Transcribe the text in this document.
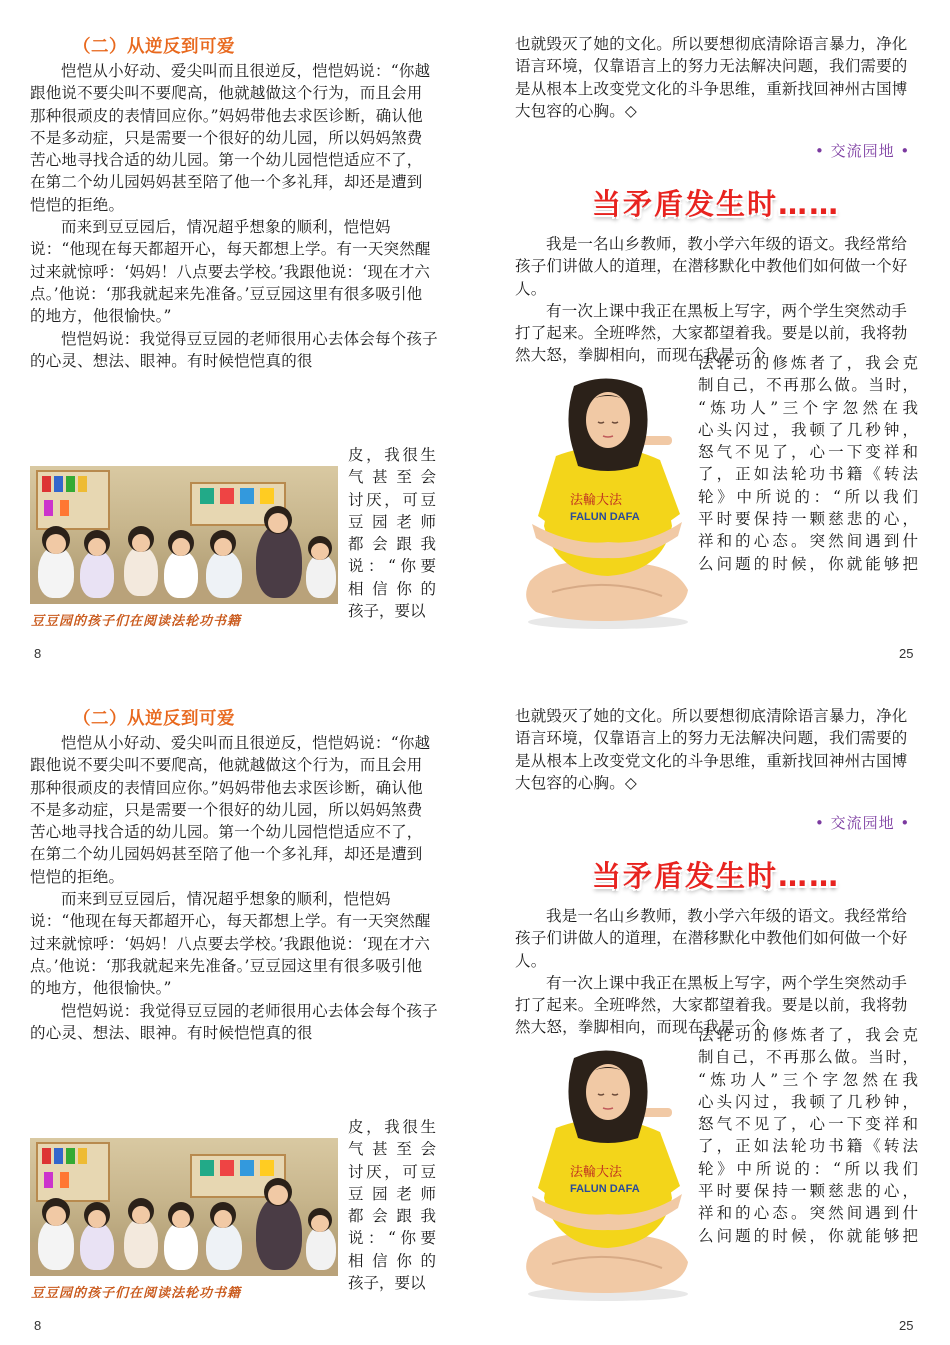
（二）从逆反到可爱

恺恺从小好动、爱尖叫而且很逆反，恺恺妈说：“你越跟他说不要尖叫不要爬高，他就越做这个行为，而且会用那种很顽皮的表情回应你。”妈妈带他去求医诊断，确认他不是多动症，只是需要一个很好的幼儿园，所以妈妈煞费苦心地寻找合适的幼儿园。第一个幼儿园恺恺适应不了，在第二个幼儿园妈妈甚至陪了他一个多礼拜，却还是遭到恺恺的拒绝。

而来到豆豆园后，情况超乎想象的顺利，恺恺妈说：“他现在每天都超开心，每天都想上学。有一天突然醒过来就惊呼：‘妈妈！八点要去学校。’我跟他说：‘现在才六点。’他说：‘那我就起来先准备。’豆豆园这里有很多吸引他的地方，他很愉快。”

恺恺妈说：我觉得豆豆园的老师很用心去体会每个孩子的心灵、想法、眼神。有时候恺恺真的很

皮，我很生

气甚至会

讨厌，可豆

豆园老师

都会跟我

说：“你要

相信你的

孩子，要以

豆豆园的孩子们在阅读法轮功书籍

8

也就毁灭了她的文化。所以要想彻底清除语言暴力，净化语言环境，仅靠语言上的努力无法解决问题，我们需要的是从根本上改变党文化的斗争思维，重新找回神州古国博大包容的心胸。◇

• 交流园地 •

当矛盾发生时……

我是一名山乡教师，教小学六年级的语文。我经常给孩子们讲做人的道理，在潜移默化中教他们如何做一个好人。

有一次上课中我正在黑板上写字，两个学生突然动手打了起来。全班哗然，大家都望着我。要是以前，我将勃然大怒，拳脚相向，而现在我是一个

法輪大法
FALUN DAFA

法轮功的修炼者了，我会克

制自己，不再那么做。当时，

“炼功人”三个字忽然在我

心头闪过，我顿了几秒钟，

怒气不见了，心一下变祥和

了，正如法轮功书籍《转法

轮》中所说的：“所以我们

平时要保持一颗慈悲的心，

祥和的心态。突然间遇到什

么问题的时候，你就能够把

25

（二）从逆反到可爱

恺恺从小好动、爱尖叫而且很逆反，恺恺妈说：“你越跟他说不要尖叫不要爬高，他就越做这个行为，而且会用那种很顽皮的表情回应你。”妈妈带他去求医诊断，确认他不是多动症，只是需要一个很好的幼儿园，所以妈妈煞费苦心地寻找合适的幼儿园。第一个幼儿园恺恺适应不了，在第二个幼儿园妈妈甚至陪了他一个多礼拜，却还是遭到恺恺的拒绝。

而来到豆豆园后，情况超乎想象的顺利，恺恺妈说：“他现在每天都超开心，每天都想上学。有一天突然醒过来就惊呼：‘妈妈！八点要去学校。’我跟他说：‘现在才六点。’他说：‘那我就起来先准备。’豆豆园这里有很多吸引他的地方，他很愉快。”

恺恺妈说：我觉得豆豆园的老师很用心去体会每个孩子的心灵、想法、眼神。有时候恺恺真的很

皮，我很生

气甚至会

讨厌，可豆

豆园老师

都会跟我

说：“你要

相信你的

孩子，要以

豆豆园的孩子们在阅读法轮功书籍

8

也就毁灭了她的文化。所以要想彻底清除语言暴力，净化语言环境，仅靠语言上的努力无法解决问题，我们需要的是从根本上改变党文化的斗争思维，重新找回神州古国博大包容的心胸。◇

• 交流园地 •

当矛盾发生时……

我是一名山乡教师，教小学六年级的语文。我经常给孩子们讲做人的道理，在潜移默化中教他们如何做一个好人。

有一次上课中我正在黑板上写字，两个学生突然动手打了起来。全班哗然，大家都望着我。要是以前，我将勃然大怒，拳脚相向，而现在我是一个

法輪大法
FALUN DAFA

法轮功的修炼者了，我会克

制自己，不再那么做。当时，

“炼功人”三个字忽然在我

心头闪过，我顿了几秒钟，

怒气不见了，心一下变祥和

了，正如法轮功书籍《转法

轮》中所说的：“所以我们

平时要保持一颗慈悲的心，

祥和的心态。突然间遇到什

么问题的时候，你就能够把

25
